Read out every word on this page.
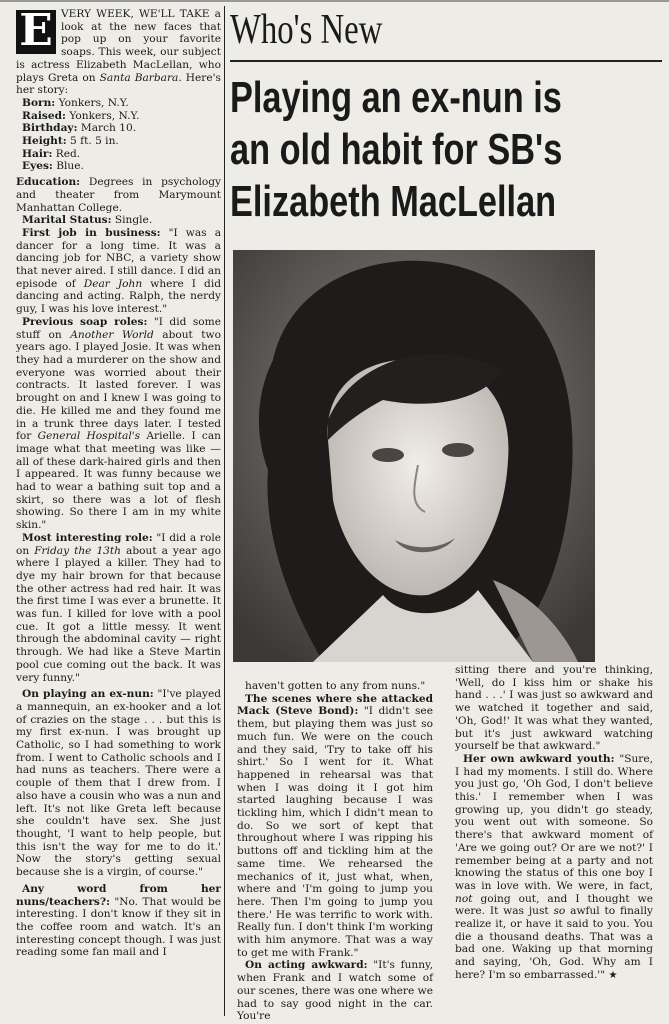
E VERY WEEK, WE'LL TAKE a look at the new faces that pop up on your favorite soaps. This week, our subject is actress Elizabeth MacLellan, who plays Greta on Santa Barbara. Here's her story:

Born: Yonkers, N.Y.
Raised: Yonkers, N.Y.
Birthday: March 10.
Height: 5 ft. 5 in.
Hair: Red.
Eyes: Blue.

Education: Degrees in psychology and theater from Marymount Manhattan College.

Marital Status: Single.

First job in business: "I was a dancer for a long time. It was a dancing job for NBC, a variety show that never aired. I still dance. I did an episode of Dear John where I did dancing and acting. Ralph, the nerdy guy, I was his love interest."

Previous soap roles: "I did some stuff on Another World about two years ago. I played Josie. It was when they had a murderer on the show and everyone was worried about their contracts. It lasted forever. I was brought on and I knew I was going to die. He killed me and they found me in a trunk three days later. I tested for General Hospital's Arielle. I can image what that meeting was like — all of these dark-haired girls and then I appeared. It was funny because we had to wear a bathing suit top and a skirt, so there was a lot of flesh showing. So there I am in my white skin."

Most interesting role: "I did a role on Friday the 13th about a year ago where I played a killer. They had to dye my hair brown for that because the other actress had red hair. It was the first time I was ever a brunette. It was fun. I killed for love with a pool cue. It got a little messy. It went through the abdominal cavity — right through. We had like a Steve Martin pool cue coming out the back. It was very funny."

On playing an ex-nun: "I've played a mannequin, an ex-hooker and a lot of crazies on the stage . . . but this is my first ex-nun. I was brought up Catholic, so I had something to work from. I went to Catholic schools and I had nuns as teachers. There were a couple of them that I drew from. I also have a cousin who was a nun and left. It's not like Greta left because she couldn't have sex. She just thought, 'I want to help people, but this isn't the way for me to do it.' Now the story's getting sexual because she is a virgin, of course."

Any word from her nuns/teachers?: "No. That would be interesting. I don't know if they sit in the coffee room and watch. It's an interesting concept though. I was just reading some fan mail and I

Who's New
Playing an ex-nun is
an old habit for SB's
Elizabeth MacLellan

haven't gotten to any from nuns."

The scenes where she attacked Mack (Steve Bond): "I didn't see them, but playing them was just so much fun. We were on the couch and they said, 'Try to take off his shirt.' So I went for it. What happened in rehearsal was that when I was doing it I got him started laughing because I was tickling him, which I didn't mean to do. So we sort of kept that throughout where I was ripping his buttons off and tickling him at the same time. We rehearsed the mechanics of it, just what, when, where and 'I'm going to jump you here. Then I'm going to jump you there.' He was terrific to work with. Really fun. I don't think I'm working with him anymore. That was a way to get me with Frank."

On acting awkward: "It's funny, when Frank and I watch some of our scenes, there was one where we had to say good night in the car. You're

sitting there and you're thinking, 'Well, do I kiss him or shake his hand . . .' I was just so awkward and we watched it together and said, 'Oh, God!' It was what they wanted, but it's just awkward watching yourself be that awkward."

Her own awkward youth: "Sure, I had my moments. I still do. Where you just go, 'Oh God, I don't believe this.' I remember when I was growing up, you didn't go steady, you went out with someone. So there's that awkward moment of 'Are we going out? Or are we not?' I remember being at a party and not knowing the status of this one boy I was in love with. We were, in fact, not going out, and I thought we were. It was just so awful to finally realize it, or have it said to you. You die a thousand deaths. That was a bad one. Waking up that morning and saying, 'Oh, God. Why am I here? I'm so embarrassed.'" ★
